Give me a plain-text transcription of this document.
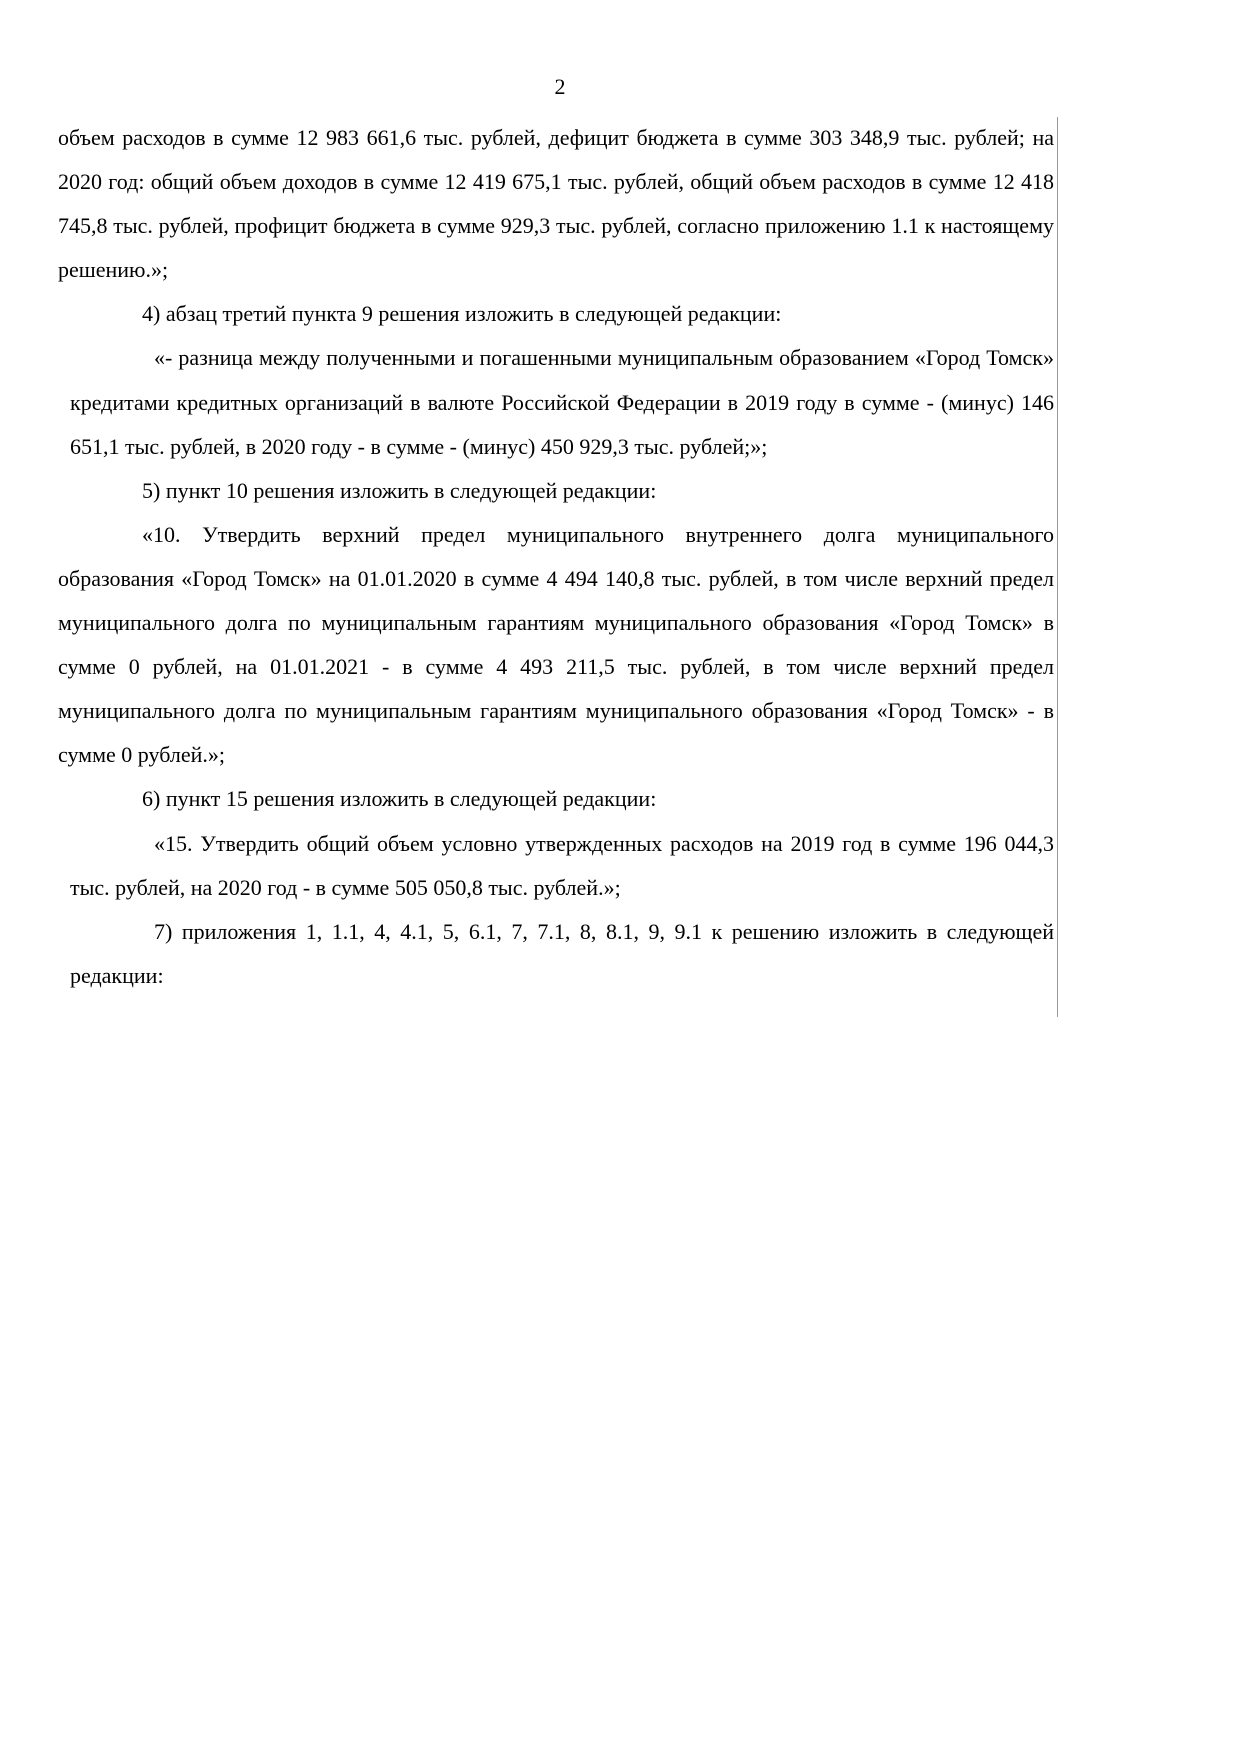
2

объем расходов в сумме 12 983 661,6 тыс. рублей, дефицит бюджета в сумме 303 348,9 тыс. рублей; на 2020 год: общий объем доходов в сумме 12 419 675,1 тыс. рублей, общий объем расходов в сумме 12 418 745,8 тыс. рублей, профицит бюджета в сумме 929,3 тыс. рублей, согласно приложению 1.1 к настоящему решению.»;

4) абзац третий пункта 9 решения изложить в следующей редакции:

«- разница между полученными и погашенными муниципальным образованием «Город Томск» кредитами кредитных организаций в валюте Российской Федерации в 2019 году в сумме - (минус) 146 651,1 тыс. рублей, в 2020 году - в сумме - (минус) 450 929,3 тыс. рублей;»;

5) пункт 10 решения изложить в следующей редакции:

«10. Утвердить верхний предел муниципального внутреннего долга муниципального образования «Город Томск» на 01.01.2020 в сумме 4 494 140,8 тыс. рублей, в том числе верхний предел муниципального долга по муниципальным гарантиям муниципального образования «Город Томск» в сумме 0 рублей, на 01.01.2021 - в сумме 4 493 211,5 тыс. рублей, в том числе верхний предел муниципального долга по муниципальным гарантиям муниципального образования «Город Томск» - в сумме 0 рублей.»;

6) пункт 15 решения изложить в следующей редакции:

«15. Утвердить общий объем условно утвержденных расходов на 2019 год в сумме 196 044,3 тыс. рублей, на 2020 год - в сумме 505 050,8 тыс. рублей.»;

7) приложения 1, 1.1, 4, 4.1, 5, 6.1, 7, 7.1, 8, 8.1, 9, 9.1 к решению изложить в следующей редакции:
